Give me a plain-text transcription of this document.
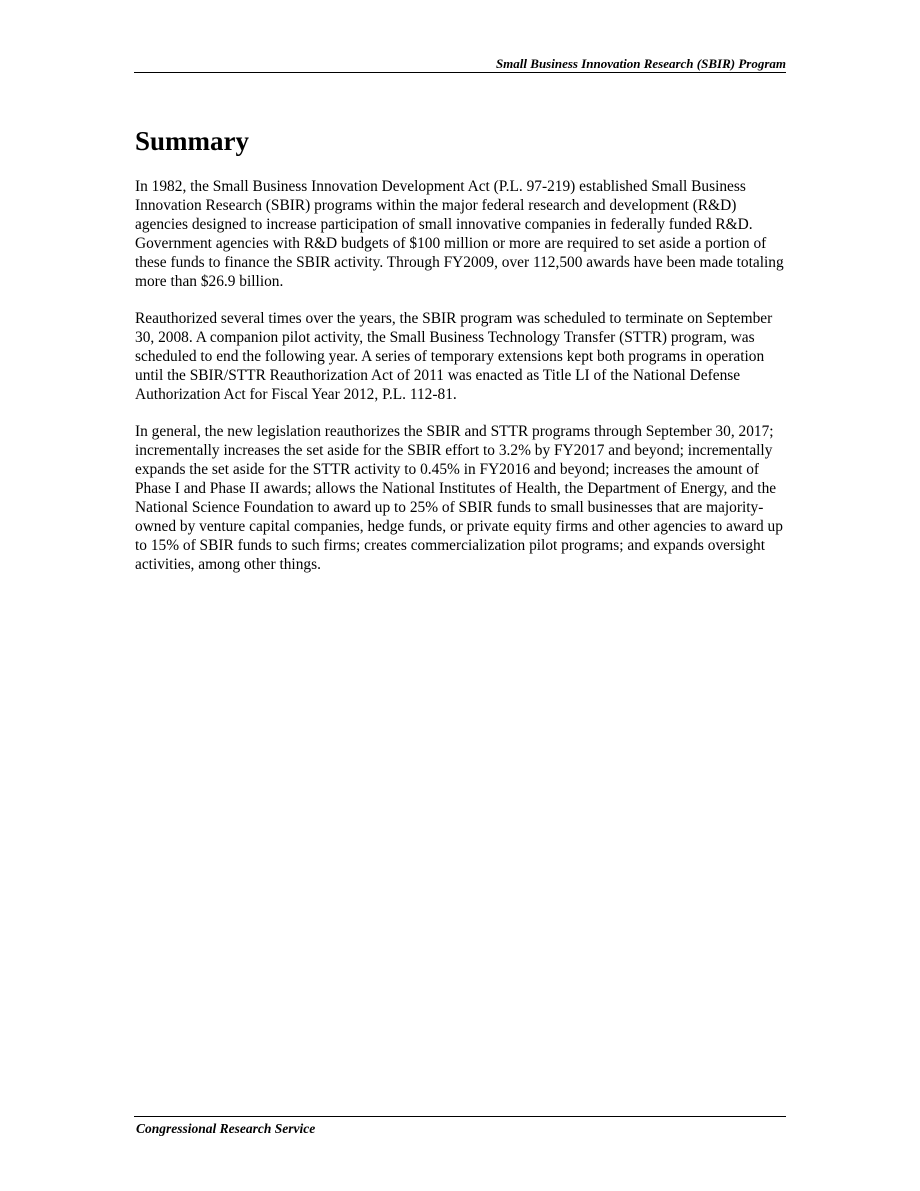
Small Business Innovation Research (SBIR) Program
Summary

In 1982, the Small Business Innovation Development Act (P.L. 97-219) established Small Business Innovation Research (SBIR) programs within the major federal research and development (R&D) agencies designed to increase participation of small innovative companies in federally funded R&D. Government agencies with R&D budgets of $100 million or more are required to set aside a portion of these funds to finance the SBIR activity. Through FY2009, over 112,500 awards have been made totaling more than $26.9 billion.

Reauthorized several times over the years, the SBIR program was scheduled to terminate on September 30, 2008. A companion pilot activity, the Small Business Technology Transfer (STTR) program, was scheduled to end the following year. A series of temporary extensions kept both programs in operation until the SBIR/STTR Reauthorization Act of 2011 was enacted as Title LI of the National Defense Authorization Act for Fiscal Year 2012, P.L. 112-81.

In general, the new legislation reauthorizes the SBIR and STTR programs through September 30, 2017; incrementally increases the set aside for the SBIR effort to 3.2% by FY2017 and beyond; incrementally expands the set aside for the STTR activity to 0.45% in FY2016 and beyond; increases the amount of Phase I and Phase II awards; allows the National Institutes of Health, the Department of Energy, and the National Science Foundation to award up to 25% of SBIR funds to small businesses that are majority-owned by venture capital companies, hedge funds, or private equity firms and other agencies to award up to 15% of SBIR funds to such firms; creates commercialization pilot programs; and expands oversight activities, among other things.

Congressional Research Service
